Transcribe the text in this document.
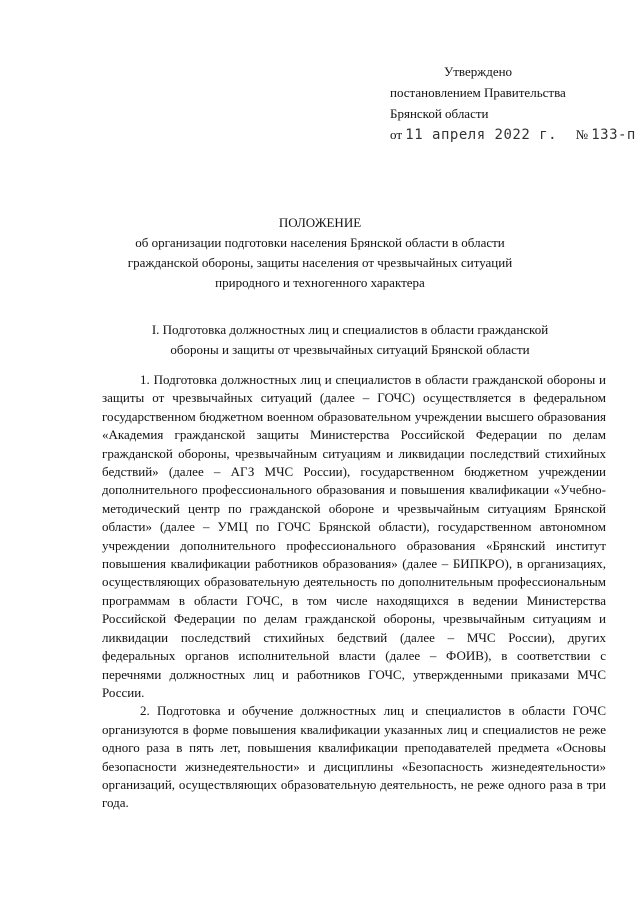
Утверждено
постановлением Правительства
Брянской области
от 11 апреля 2022 г. № 133-п
ПОЛОЖЕНИЕ
об организации подготовки населения Брянской области в области
гражданской обороны, защиты населения от чрезвычайных ситуаций
природного и техногенного характера
I. Подготовка должностных лиц и специалистов в области гражданской
обороны и защиты от чрезвычайных ситуаций Брянской области

1. Подготовка должностных лиц и специалистов в области гражданской обороны и защиты от чрезвычайных ситуаций (далее – ГОЧС) осуществляется в федеральном государственном бюджетном военном образовательном учреждении высшего образования «Академия гражданской защиты Министерства Российской Федерации по делам гражданской обороны, чрезвычайным ситуациям и ликвидации последствий стихийных бедствий» (далее – АГЗ МЧС России), государственном бюджетном учреждении дополнительного профессионального образования и повышения квалификации «Учебно-методический центр по гражданской обороне и чрезвычайным ситуациям Брянской области» (далее – УМЦ по ГОЧС Брянской области), государственном автономном учреждении дополнительного профессионального образования «Брянский институт повышения квалификации работников образования» (далее – БИПКРО), в организациях, осуществляющих образовательную деятельность по дополнительным профессиональным программам в области ГОЧС, в том числе находящихся в ведении Министерства Российской Федерации по делам гражданской обороны, чрезвычайным ситуациям и ликвидации последствий стихийных бедствий (далее – МЧС России), других федеральных органов исполнительной власти (далее – ФОИВ), в соответствии с перечнями должностных лиц и работников ГОЧС, утвержденными приказами МЧС России.

2. Подготовка и обучение должностных лиц и специалистов в области ГОЧС организуются в форме повышения квалификации указанных лиц и специалистов не реже одного раза в пять лет, повышения квалификации преподавателей предмета «Основы безопасности жизнедеятельности» и дисциплины «Безопасность жизнедеятельности» организаций, осуществляющих образовательную деятельность, не реже одного раза в три года.
